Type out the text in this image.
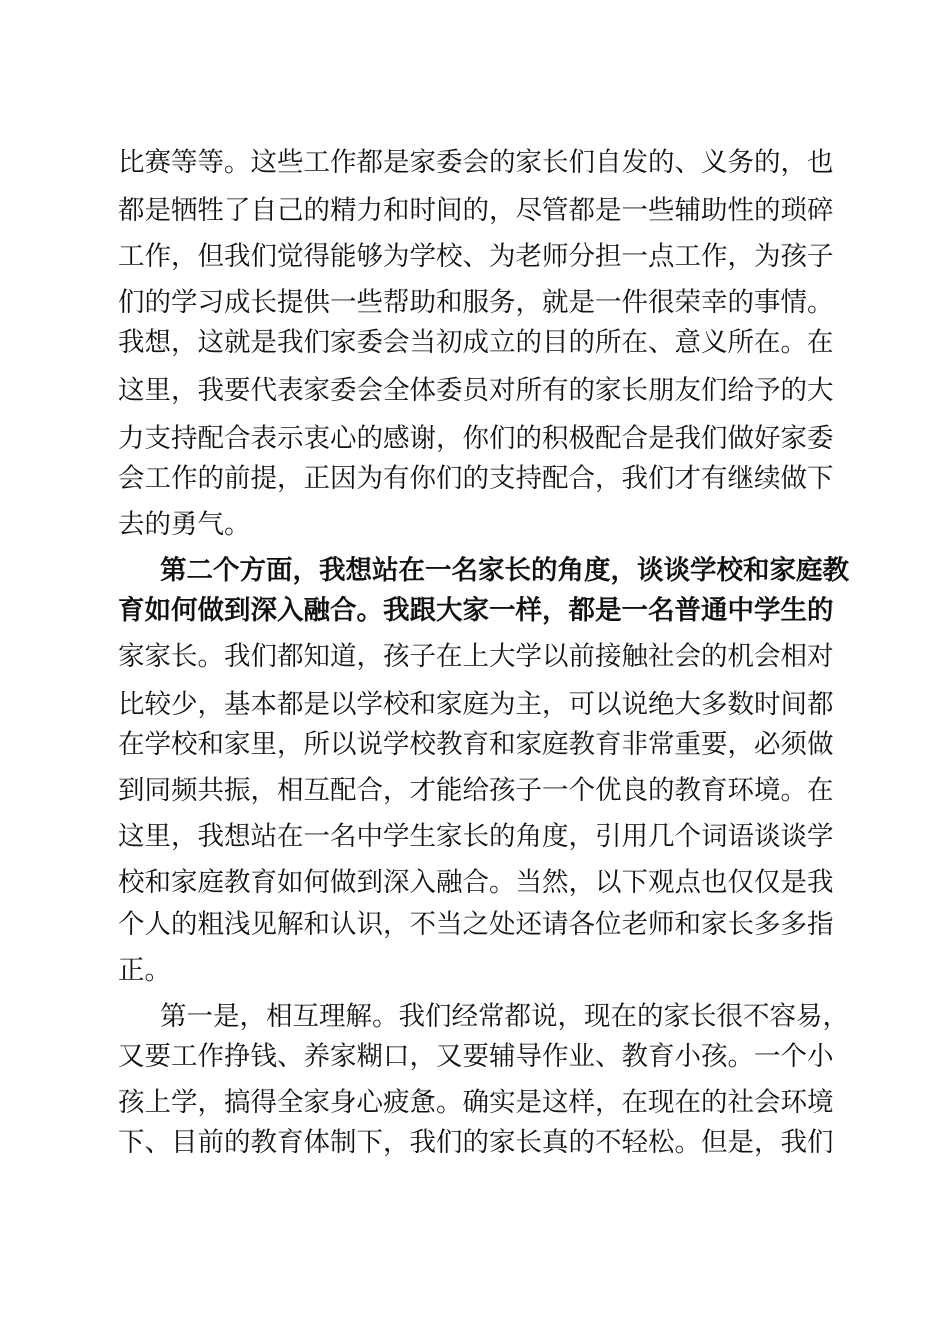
比赛等等。这些工作都是家委会的家长们自发的、义务的，也
都是牺牲了自己的精力和时间的，尽管都是一些辅助性的琐碎
工作，但我们觉得能够为学校、为老师分担一点工作，为孩子
们的学习成长提供一些帮助和服务，就是一件很荣幸的事情。
我想，这就是我们家委会当初成立的目的所在、意义所在。在
这里，我要代表家委会全体委员对所有的家长朋友们给予的大
力支持配合表示衷心的感谢，你们的积极配合是我们做好家委
会工作的前提，正因为有你们的支持配合，我们才有继续做下
去的勇气。
第二个方面，我想站在一名家长的角度，谈谈学校和家庭教
育如何做到深入融合。我跟大家一样，都是一名普通中学生的
家家长。我们都知道，孩子在上大学以前接触社会的机会相对
比较少，基本都是以学校和家庭为主，可以说绝大多数时间都
在学校和家里，所以说学校教育和家庭教育非常重要，必须做
到同频共振，相互配合，才能给孩子一个优良的教育环境。在
这里，我想站在一名中学生家长的角度，引用几个词语谈谈学
校和家庭教育如何做到深入融合。当然，以下观点也仅仅是我
个人的粗浅见解和认识，不当之处还请各位老师和家长多多指
正。
第一是，相互理解。我们经常都说，现在的家长很不容易，
又要工作挣钱、养家糊口，又要辅导作业、教育小孩。一个小
孩上学，搞得全家身心疲惫。确实是这样，在现在的社会环境
下、目前的教育体制下，我们的家长真的不轻松。但是，我们
